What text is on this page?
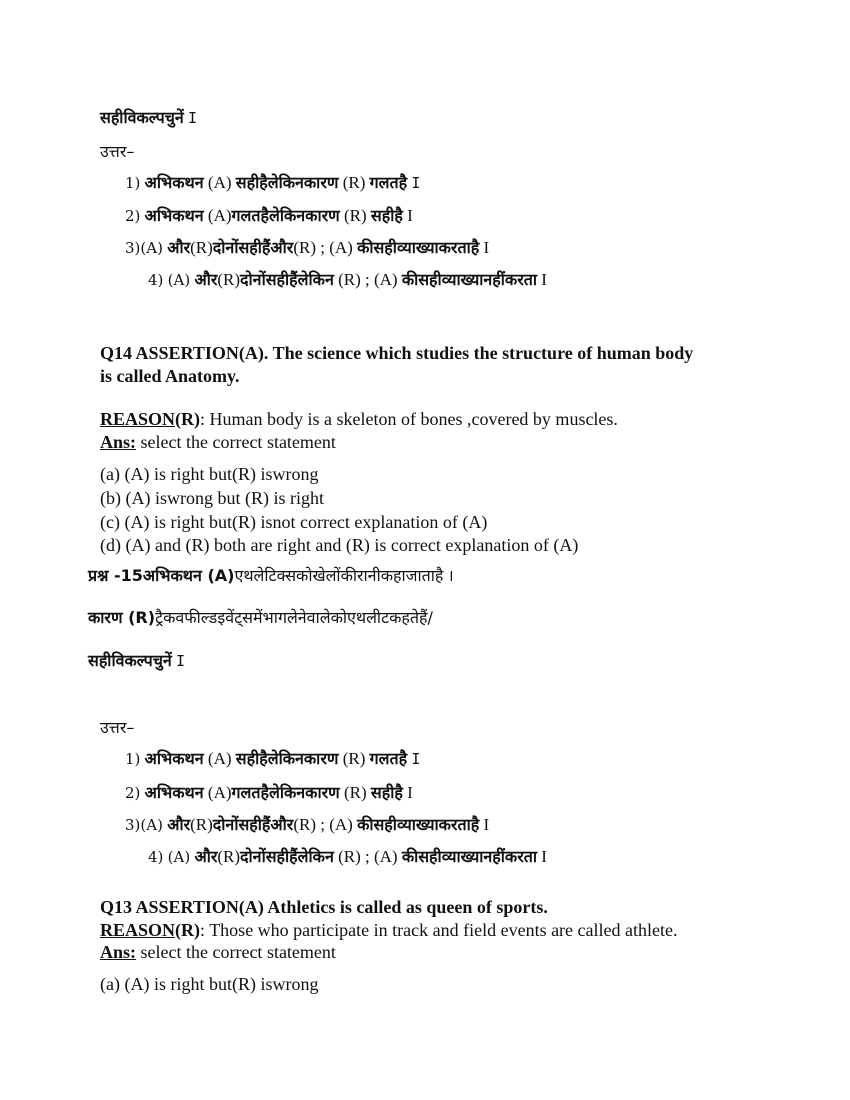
सहीविकल्पचुनें I
उत्तर–
1) अभिकथन (A) सहीहैलेकिनकारण (R) गलतहै I
2) अभिकथन (A)गलतहैलेकिनकारण (R) सहीहै I
3)(A) और(R)दोनोंसहीहैंऔर(R) ; (A) कीसहीव्याख्याकरताहै I
4) (A) और(R)दोनोंसहीहैंलेकिन (R) ; (A) कीसहीव्याख्यानहींकरता I
Q14 ASSERTION(A). The science which studies the structure of human body
is called Anatomy.
REASON(R): Human body is a skeleton of bones ,covered by muscles.
Ans: select the correct statement
(a) (A) is right but(R) iswrong
(b) (A) iswrong but (R) is right
(c) (A) is right but(R) isnot correct explanation of (A)
(d) (A) and (R) both are right and (R) is correct explanation of (A)
प्रश्न -15अभिकथन (A)एथलेटिक्सकोखेलोंकीरानीकहाजाताहै ।
कारण (R)ट्रैकवफील्डइवेंट्समेंभागलेनेवालेकोएथलीटकहतेहैं/
सहीविकल्पचुनें I
उत्तर–
1) अभिकथन (A) सहीहैलेकिनकारण (R) गलतहै I
2) अभिकथन (A)गलतहैलेकिनकारण (R) सहीहै I
3)(A) और(R)दोनोंसहीहैंऔर(R) ; (A) कीसहीव्याख्याकरताहै I
4) (A) और(R)दोनोंसहीहैंलेकिन (R) ; (A) कीसहीव्याख्यानहींकरता I
Q13 ASSERTION(A) Athletics is called as queen of sports.
REASON(R): Those who participate in track and field events are called athlete.
Ans: select the correct statement
(a) (A) is right but(R) iswrong
